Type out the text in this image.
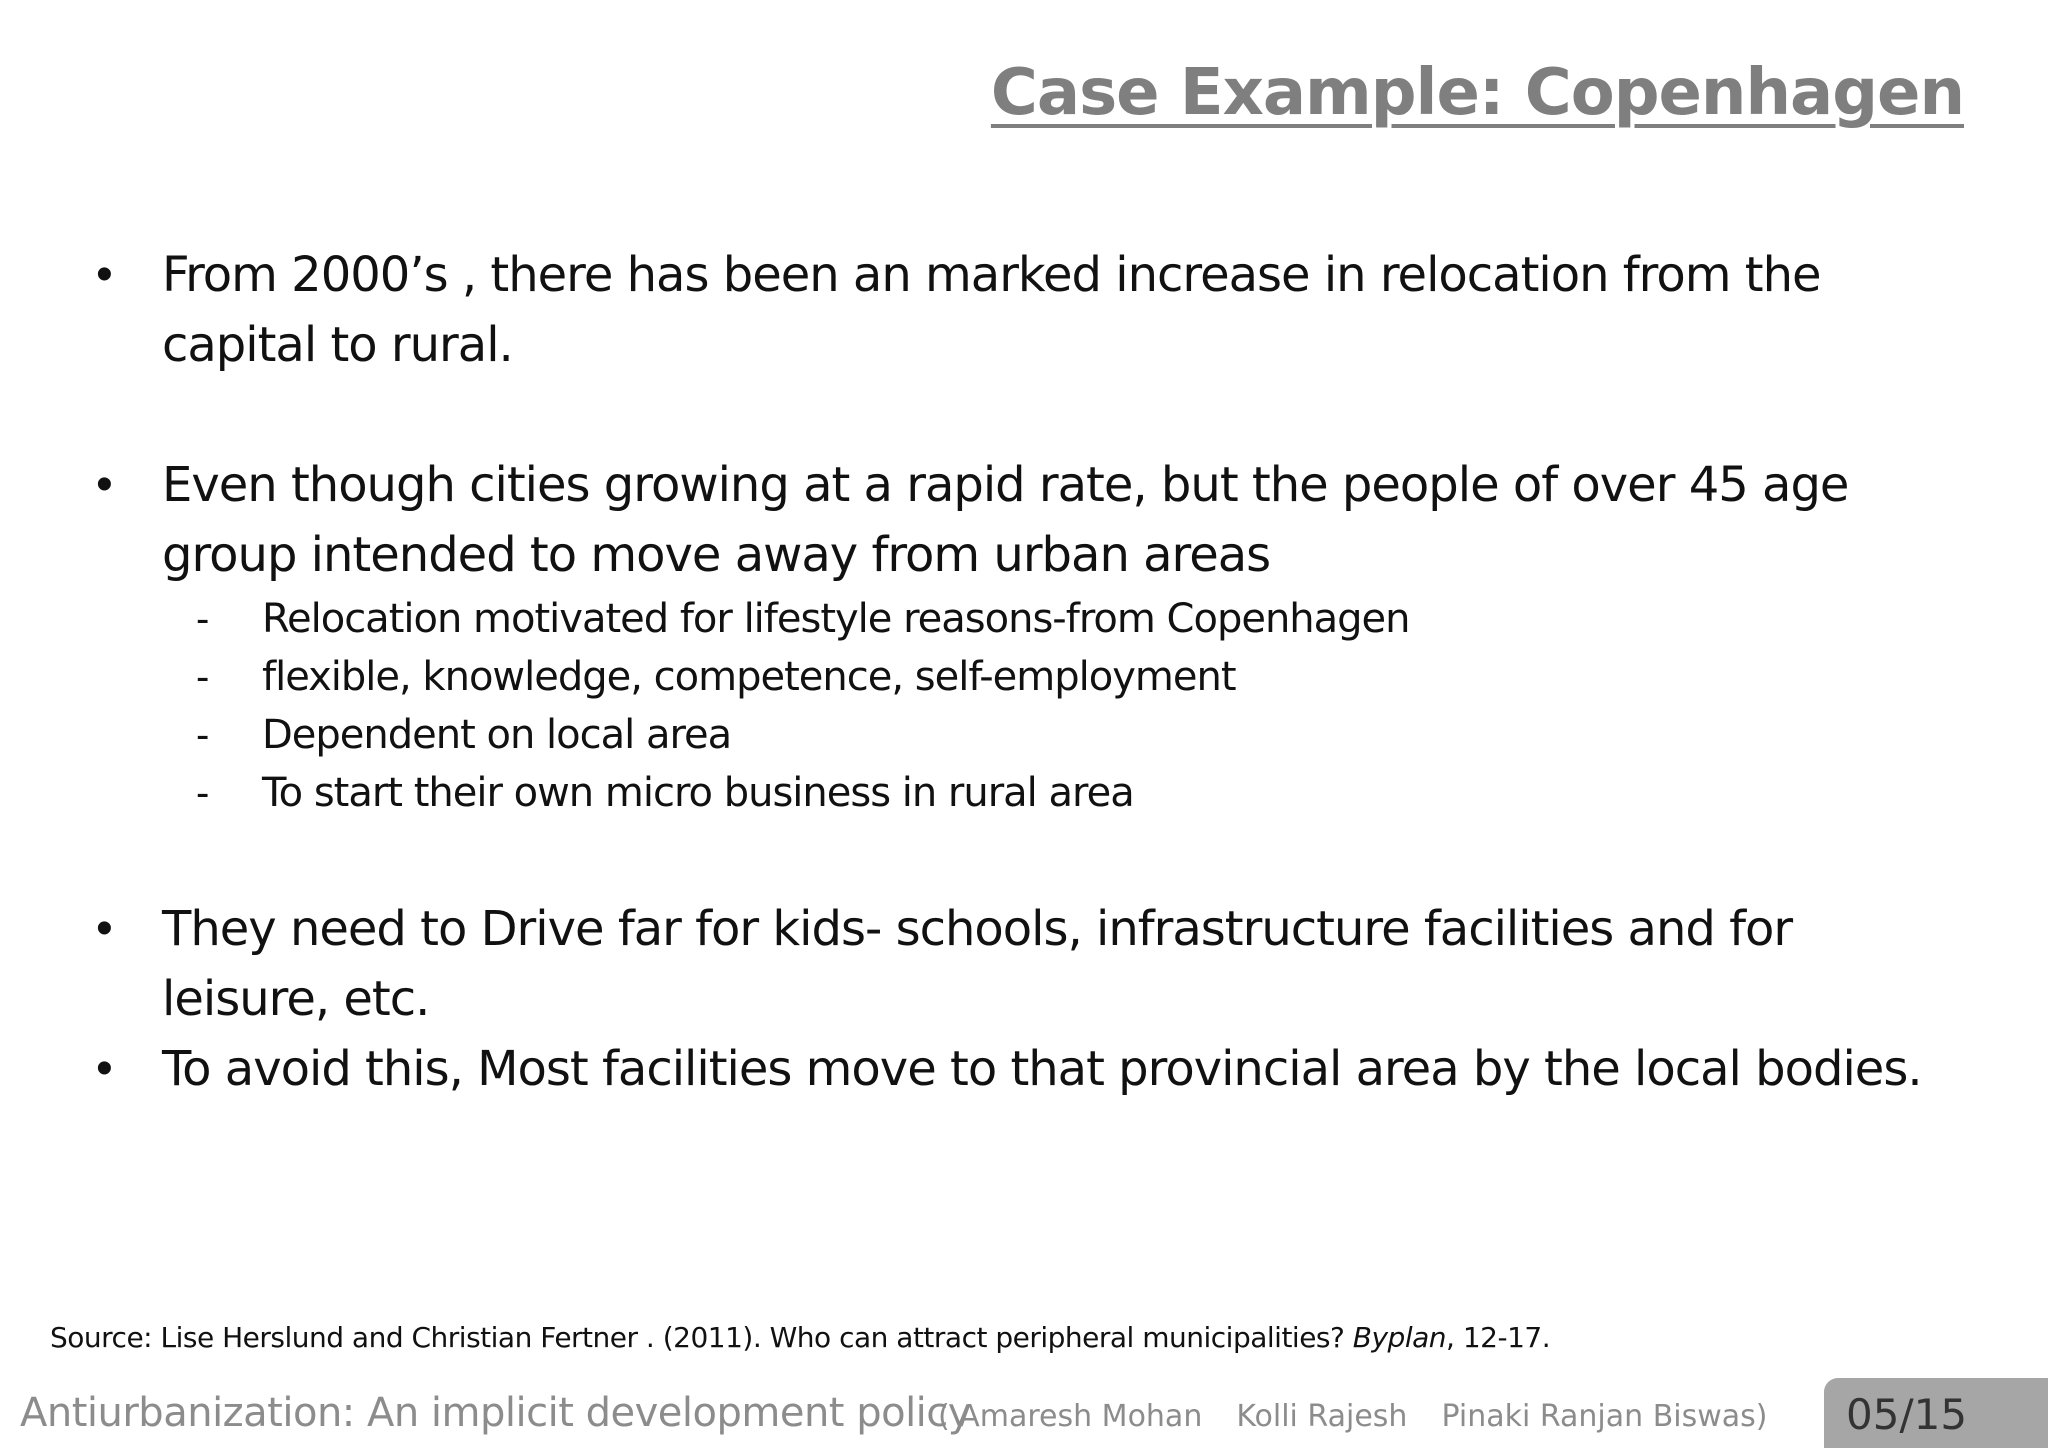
Case Example: Copenhagen
• From 2000’s , there has been an marked increase in relocation from the capital to rural.
• Even though cities growing at a rapid rate, but the people of over 45 age group intended to move away from urban areas
- Relocation motivated for lifestyle reasons-from Copenhagen
- flexible, knowledge, competence, self-employment
- Dependent on local area
- To start their own micro business in rural area
• They need to Drive far for kids- schools, infrastructure facilities and for leisure, etc.
• To avoid this, Most facilities move to that provincial area by the local bodies.
Source: Lise Herslund and Christian Fertner . (2011). Who can attract peripheral municipalities? Byplan, 12-17.
Antiurbanization: An implicit development policy
( Amaresh Mohan Kolli Rajesh Pinaki Ranjan Biswas)	05/15
